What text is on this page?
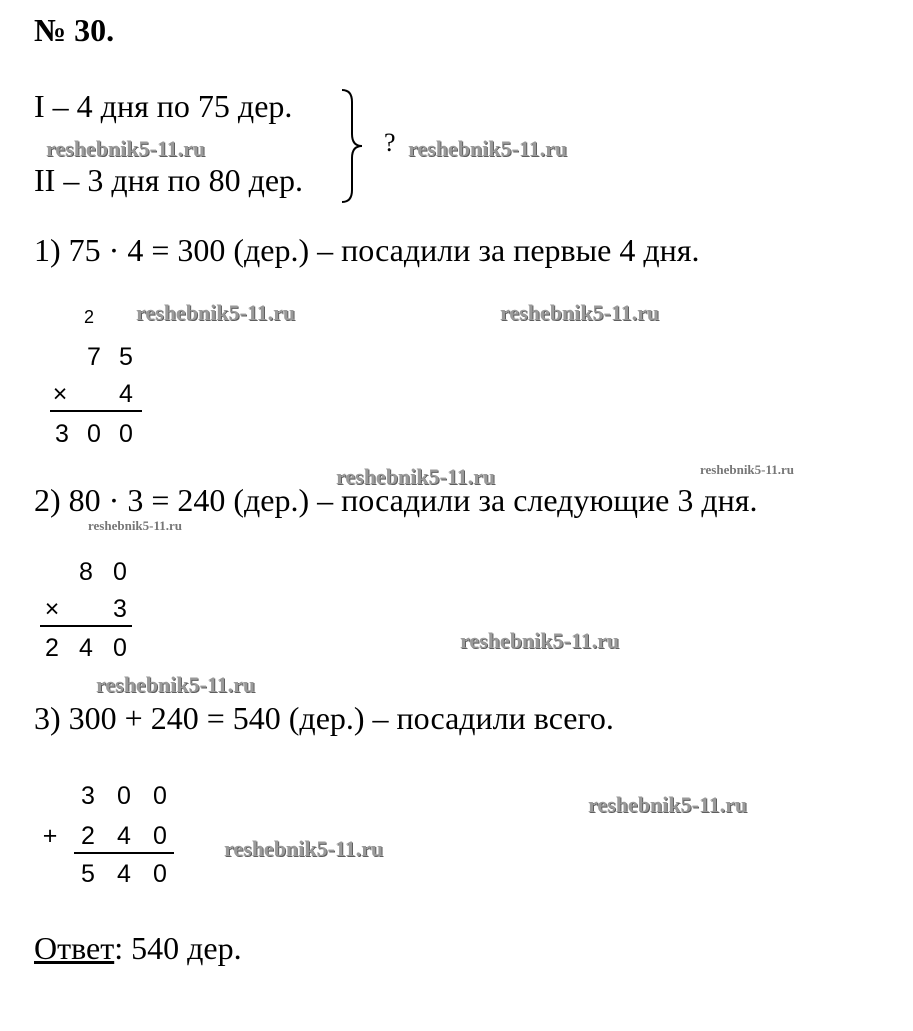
№ 30.
I – 4 дня по 75 дер.
II – 3 дня по 80 дер.
?
1) 75 · 4 = 300 (дер.) – посадили за первые 4 дня.
2
7 5
× 4
3 0 0
2) 80 · 3 = 240 (дер.) – посадили за следующие 3 дня.
8 0
× 3
2 4 0
3) 300 + 240 = 540 (дер.) – посадили всего.
3 0 0
+ 2 4 0
5 4 0
Ответ: 540 дер.
reshebnik5-11.ru	reshebnik5-11.ru
reshebnik5-11.ru	reshebnik5-11.ru
reshebnik5-11.ru	reshebnik5-11.ru
reshebnik5-11.ru
reshebnik5-11.ru
reshebnik5-11.ru
reshebnik5-11.ru
reshebnik5-11.ru
